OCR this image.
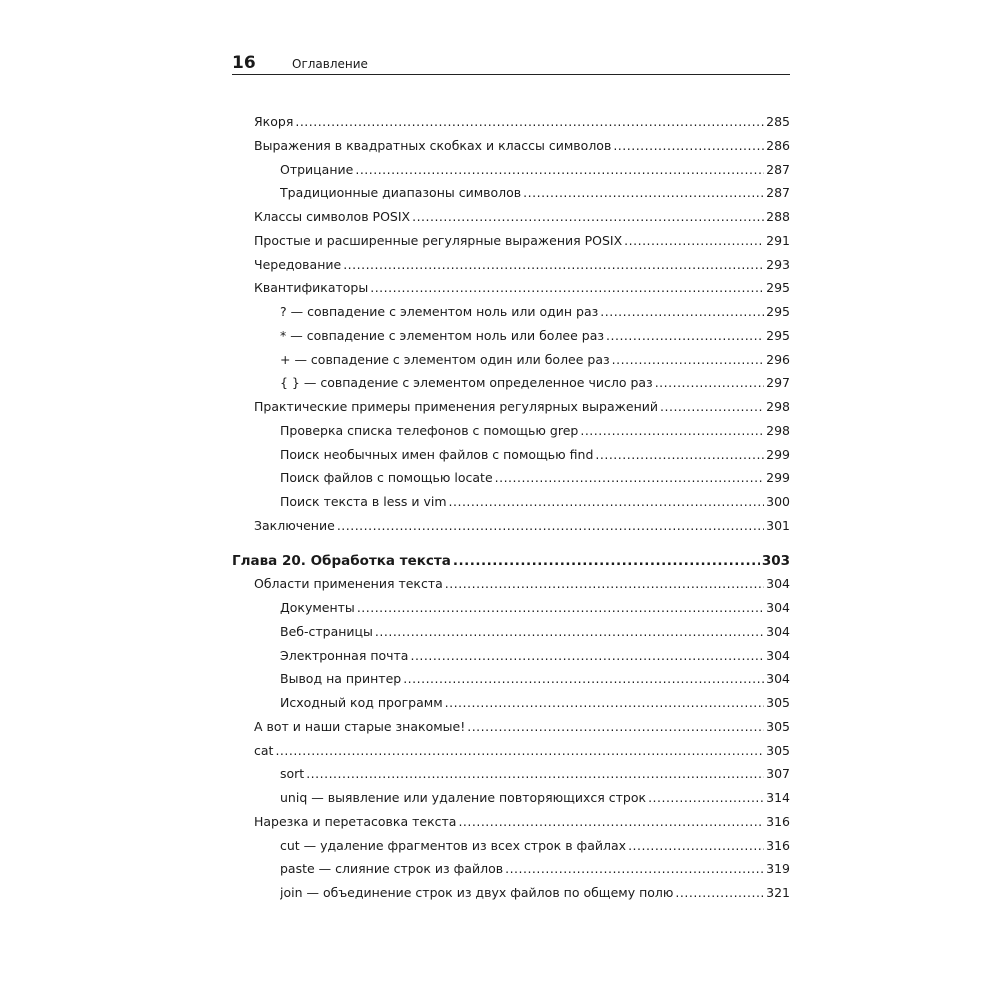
16	Оглавление
Якоря .....	285
Выражения в квадратных скобках и классы символов .....	286
Отрицание .....	287
Традиционные диапазоны символов .....	287
Классы символов POSIX .....	288
Простые и расширенные регулярные выражения POSIX .....	291
Чередование .....	293
Квантификаторы .....	295
? — совпадение с элементом ноль или один раз .....	295
* — совпадение с элементом ноль или более раз .....	295
+ — совпадение с элементом один или более раз .....	296
{ } — совпадение с элементом определенное число раз .....	297
Практические примеры применения регулярных выражений .....	298
Проверка списка телефонов с помощью grep .....	298
Поиск необычных имен файлов с помощью find .....	299
Поиск файлов с помощью locate .....	299
Поиск текста в less и vim .....	300
Заключение .....	301
Глава 20. Обработка текста .....	303
Области применения текста .....	304
Документы .....	304
Веб-страницы .....	304
Электронная почта .....	304
Вывод на принтер .....	304
Исходный код программ .....	305
А вот и наши старые знакомые! .....	305
cat .....	305
sort .....	307
uniq — выявление или удаление повторяющихся строк .....	314
Нарезка и перетасовка текста .....	316
cut — удаление фрагментов из всех строк в файлах .....	316
paste — слияние строк из файлов .....	319
join — объединение строк из двух файлов по общему полю .....	321
